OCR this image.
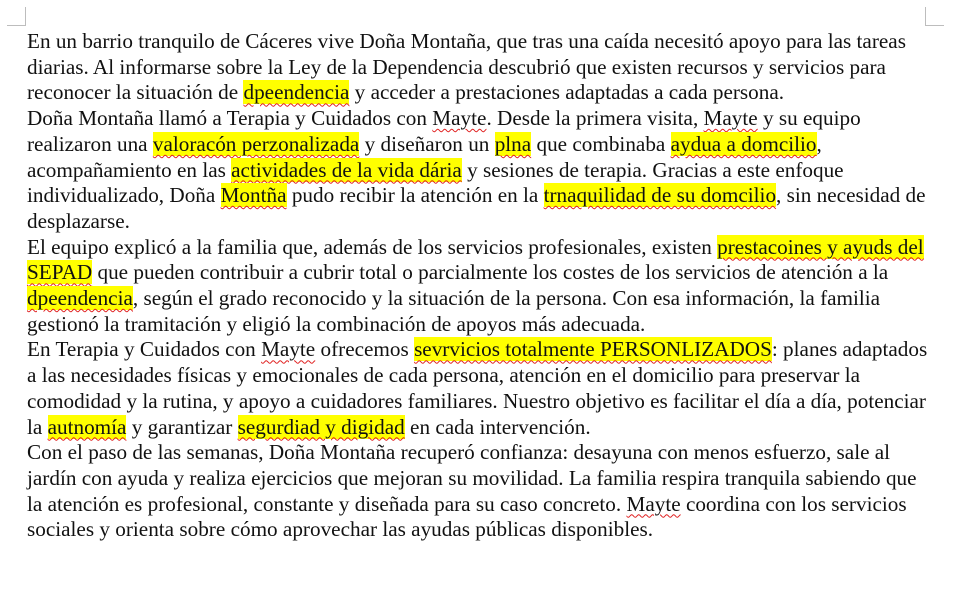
En un barrio tranquilo de Cáceres vive Doña Montaña, que tras una caída necesitó apoyo para las tareas diarias. Al informarse sobre la Ley de la Dependencia descubrió que existen recursos y servicios para reconocer la situación de dpeendencia y acceder a prestaciones adaptadas a cada persona.

Doña Montaña llamó a Terapia y Cuidados con Mayte. Desde la primera visita, Mayte y su equipo realizaron una valoracón perzonalizada y diseñaron un plna que combinaba aydua a domcilio, acompañamiento en las actividades de la vida dária y sesiones de terapia. Gracias a este enfoque individualizado, Doña Montña pudo recibir la atención en la trnaquilidad de su domcilio, sin necesidad de desplazarse.

El equipo explicó a la familia que, además de los servicios profesionales, existen prestacoines y ayuds del SEPAD que pueden contribuir a cubrir total o parcialmente los costes de los servicios de atención a la dpeendencia, según el grado reconocido y la situación de la persona. Con esa información, la familia gestionó la tramitación y eligió la combinación de apoyos más adecuada.

En Terapia y Cuidados con Mayte ofrecemos sevrvicios totalmente PERSONLIZADOS: planes adaptados a las necesidades físicas y emocionales de cada persona, atención en el domicilio para preservar la comodidad y la rutina, y apoyo a cuidadores familiares. Nuestro objetivo es facilitar el día a día, potenciar la autnomía y garantizar segurdiad y digidad en cada intervención.

Con el paso de las semanas, Doña Montaña recuperó confianza: desayuna con menos esfuerzo, sale al jardín con ayuda y realiza ejercicios que mejoran su movilidad. La familia respira tranquila sabiendo que la atención es profesional, constante y diseñada para su caso concreto. Mayte coordina con los servicios sociales y orienta sobre cómo aprovechar las ayudas públicas disponibles.
